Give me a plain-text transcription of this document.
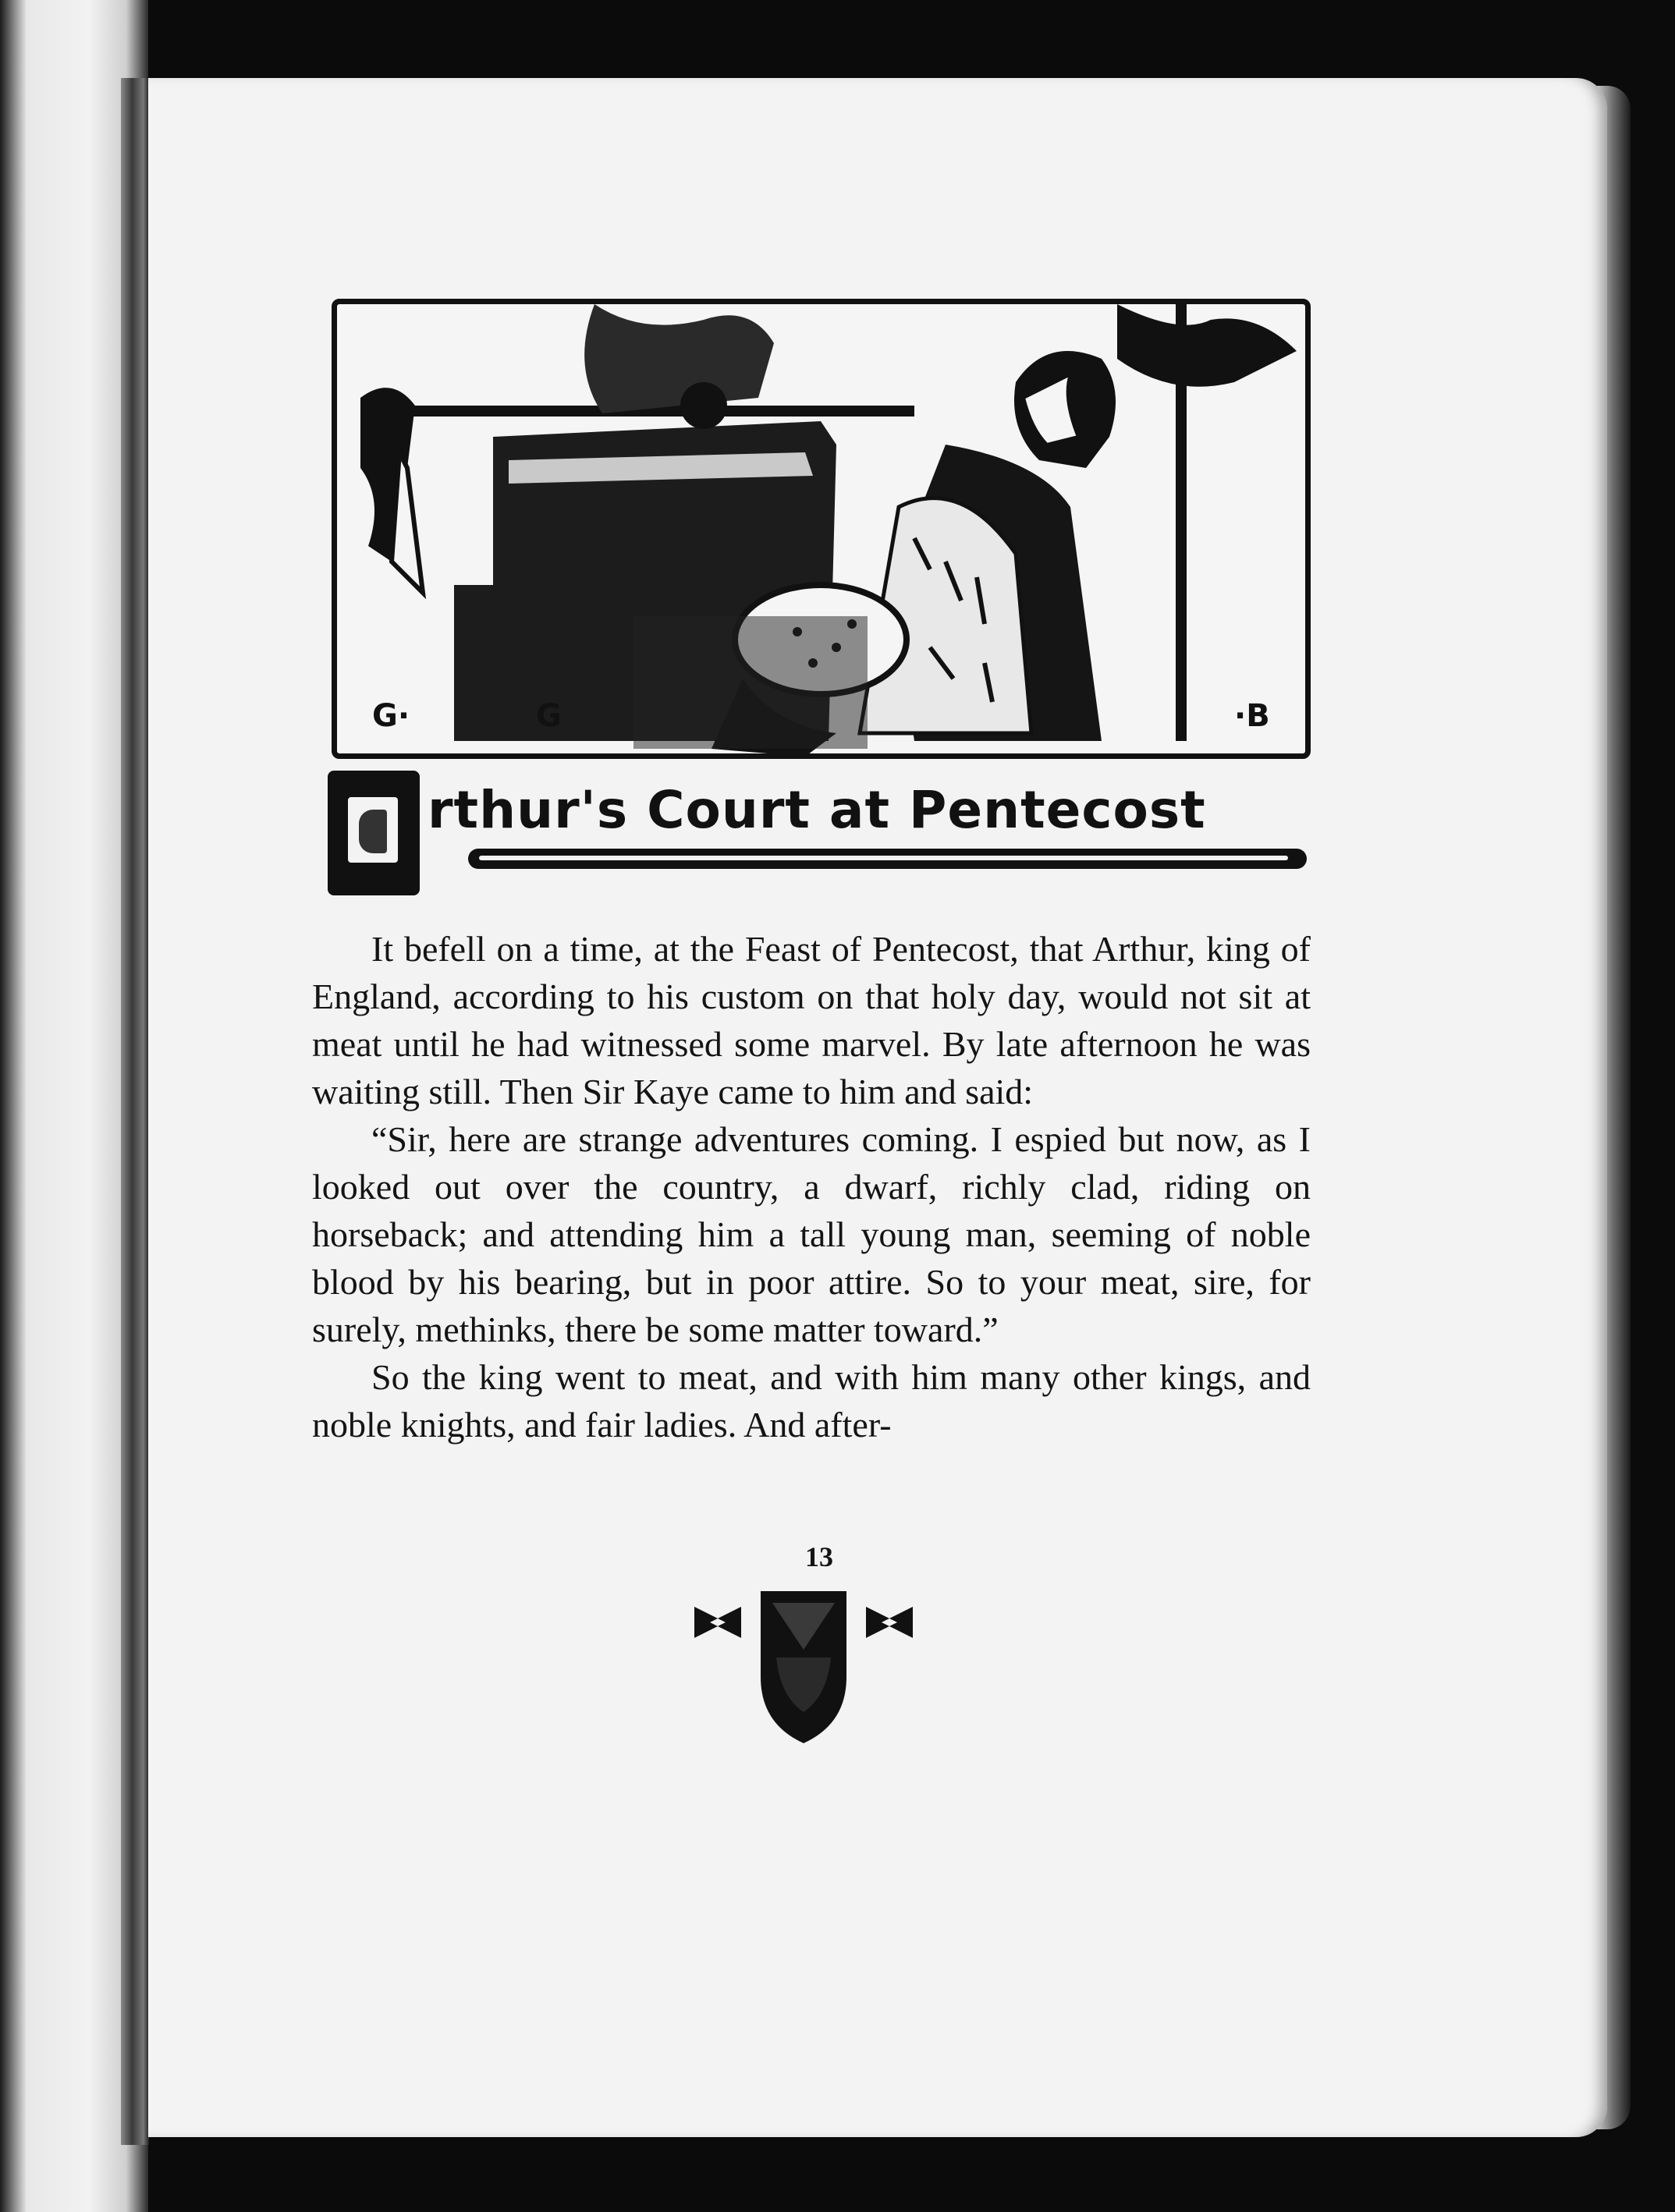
G·	G	·B
rthur's Court at Pentecost

It befell on a time, at the Feast of Pentecost, that Arthur, king of England, according to his custom on that holy day, would not sit at meat until he had witnessed some marvel. By late afternoon he was waiting still. Then Sir Kaye came to him and said:

“Sir, here are strange adventures coming. I espied but now, as I looked out over the country, a dwarf, richly clad, riding on horseback; and attending him a tall young man, seeming of noble blood by his bearing, but in poor attire. So to your meat, sire, for surely, methinks, there be some matter toward.”

So the king went to meat, and with him many other kings, and noble knights, and fair ladies. And after-

13
